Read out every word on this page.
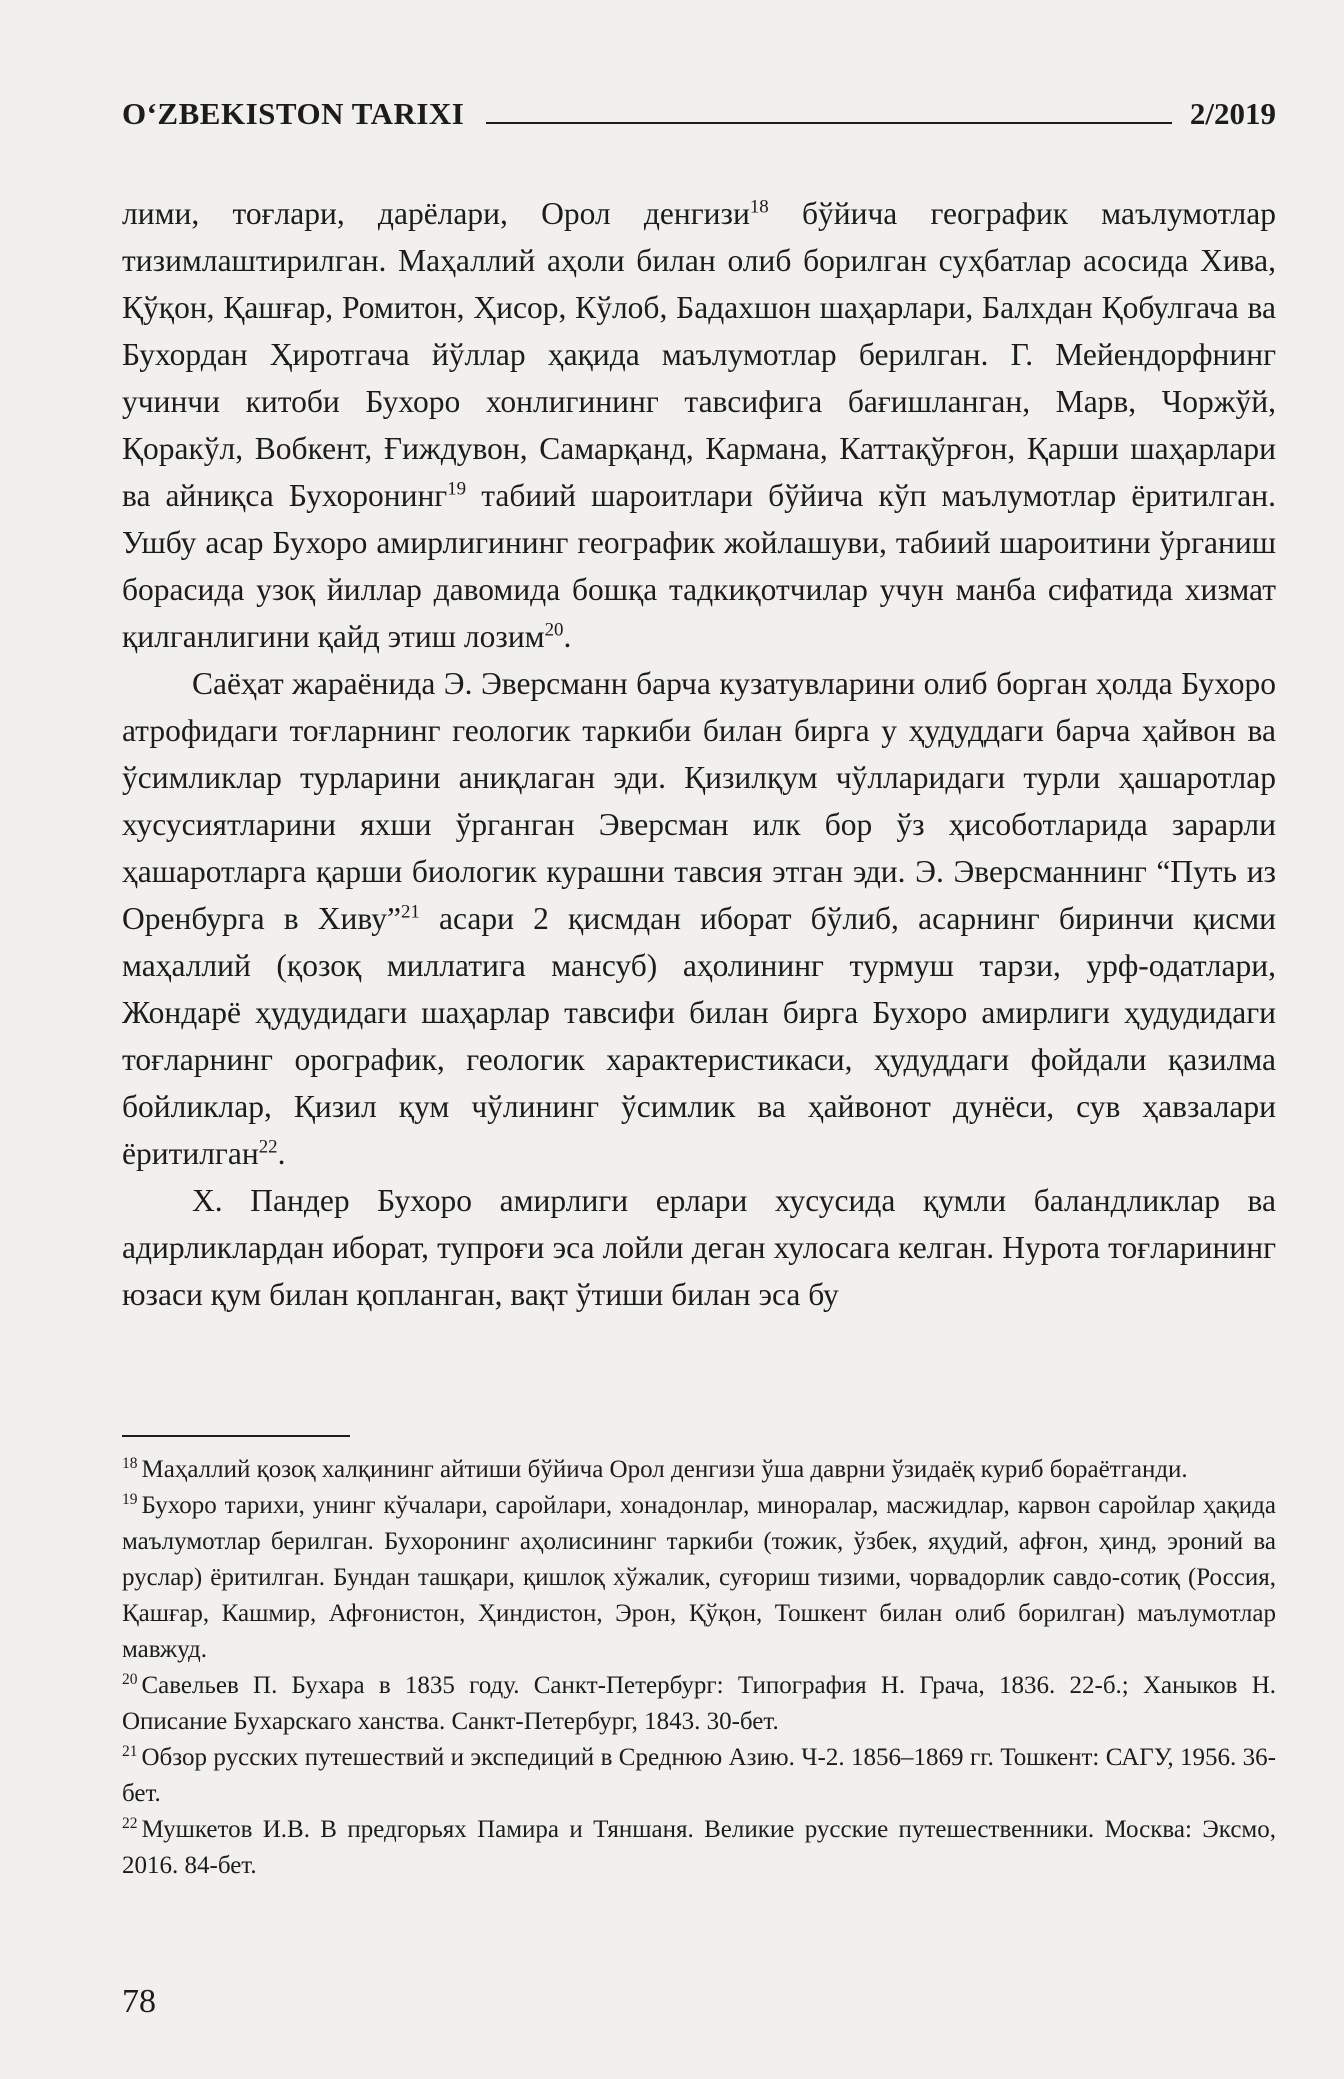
O‘ZBEKISTON TARIXI	2/2019

лими, тоғлари, дарёлари, Орол денгизи$^{18}$ бўйича географик маълумотлар тизимлаштирилган. Маҳаллий аҳоли билан олиб борилган суҳбатлар асосида Хива, Қўқон, Қашғар, Ромитон, Ҳисор, Кўлоб, Бадахшон шаҳарлари, Балхдан Қобулгача ва Бухордан Ҳиротгача йўллар ҳақида маълумотлар берилган. Г. Мейендорфнинг учинчи китоби Бухоро хонлигининг тавсифига бағишланган, Марв, Чоржўй, Қоракўл, Вобкент, Ғиждувон, Самарқанд, Кармана, Каттақўрғон, Қарши шаҳарлари ва айниқса Бухоронинг$^{19}$ табиий шароитлари бўйича кўп маълумотлар ёритилган. Ушбу асар Бухоро амирлигининг географик жойлашуви, табиий шароитини ўрганиш борасида узоқ йиллар давомида бошқа тадкиқотчилар учун манба сифатида хизмат қилганлигини қайд этиш лозим$^{20}$.

Саёҳат жараёнида Э. Эверсманн барча кузатувларини олиб борган ҳолда Бухоро атрофидаги тоғларнинг геологик таркиби билан бирга у ҳудуддаги барча ҳайвон ва ўсимликлар турларини аниқлаган эди. Қизилқум чўлларидаги турли ҳашаротлар хусусиятларини яхши ўрганган Эверсман илк бор ўз ҳисоботларида зарарли ҳашаротларга қарши биологик курашни тавсия этган эди. Э. Эверсманнинг “Путь из Оренбурга в Хиву”$^{21}$ асари 2 қисмдан иборат бўлиб, асарнинг биринчи қисми маҳаллий (қозоқ миллатига мансуб) аҳолининг турмуш тарзи, урф-одатлари, Жондарё ҳудудидаги шаҳарлар тавсифи билан бирга Бухоро амирлиги ҳудудидаги тоғларнинг орографик, геологик характеристикаси, ҳудуддаги фойдали қазилма бойликлар, Қизил қум чўлининг ўсимлик ва ҳайвонот дунёси, сув ҳавзалари ёритилган$^{22}$.

Х. Пандер Бухоро амирлиги ерлари хусусида қумли баландликлар ва адирликлардан иборат, тупроғи эса лойли деган хулосага келган. Нурота тоғларининг юзаси қум билан қопланган, вақт ўтиши билан эса бу

$^{18}$ Маҳаллий қозоқ халқининг айтиши бўйича Орол денгизи ўша даврни ўзидаёқ куриб бораётганди.

$^{19}$ Бухоро тарихи, унинг кўчалари, саройлари, хонадонлар, миноралар, масжидлар, карвон саройлар ҳақида маълумотлар берилган. Бухоронинг аҳолисининг таркиби (тожик, ўзбек, яҳудий, афғон, ҳинд, эроний ва руслар) ёритилган. Бундан ташқари, қишлоқ хўжалик, суғориш тизими, чорвадорлик савдо-сотиқ (Россия, Қашғар, Кашмир, Афғонистон, Ҳиндистон, Эрон, Қўқон, Тошкент билан олиб борилган) маълумотлар мавжуд.

$^{20}$ Савельев П. Бухара в 1835 году. Санкт-Петербург: Типография Н. Грача, 1836. 22-б.; Ханыков Н. Описание Бухарскаго ханства. Санкт-Петербург, 1843. 30-бет.

$^{21}$ Обзор русских путешествий и экспедиций в Среднюю Азию. Ч-2. 1856–1869 гг. Тошкент: САГУ, 1956. 36-бет.

$^{22}$ Мушкетов И.В. В предгорьях Памира и Тяншаня. Великие русские путешественники. Москва: Эксмо, 2016. 84-бет.

78
